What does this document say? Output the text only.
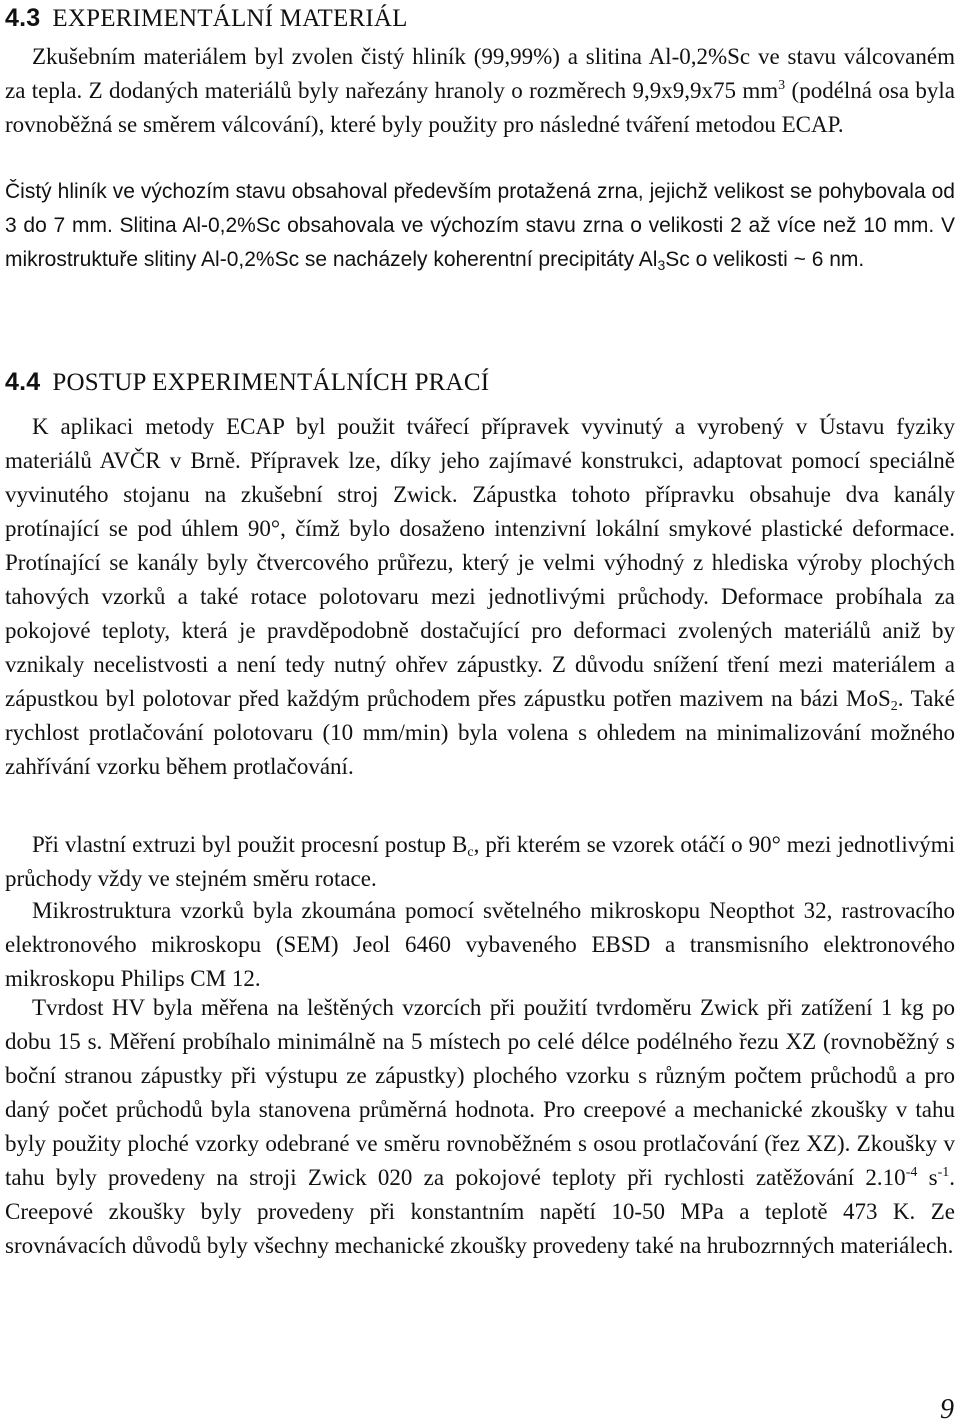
4.3 EXPERIMENTÁLNÍ MATERIÁL

Zkušebním materiálem byl zvolen čistý hliník (99,99%) a slitina Al-0,2%Sc ve stavu válcovaném za tepla. Z dodaných materiálů byly nařezány hranoly o rozměrech 9,9x9,9x75 $mm^3$ (podélná osa byla rovnoběžná se směrem válcování), které byly použity pro následné tváření metodou ECAP.

Čistý hliník ve výchozím stavu obsahoval především protažená zrna, jejichž velikost se pohybovala od 3 do 7 mm. Slitina Al-0,2%Sc obsahovala ve výchozím stavu zrna o velikosti 2 až více než 10 mm. V mikrostruktuře slitiny Al-0,2%Sc se nacházely koherentní precipitáty $Al_3Sc$ o velikosti ~ 6 nm.

4.4 POSTUP EXPERIMENTÁLNÍCH PRACÍ

K aplikaci metody ECAP byl použit tvářecí přípravek vyvinutý a vyrobený v Ústavu fyziky materiálů AVČR v Brně. Přípravek lze, díky jeho zajímavé konstrukci, adaptovat pomocí speciálně vyvinutého stojanu na zkušební stroj Zwick. Zápustka tohoto přípravku obsahuje dva kanály protínající se pod úhlem 90°, čímž bylo dosaženo intenzivní lokální smykové plastické deformace. Protínající se kanály byly čtvercového průřezu, který je velmi výhodný z hlediska výroby plochých tahových vzorků a také rotace polotovaru mezi jednotlivými průchody. Deformace probíhala za pokojové teploty, která je pravděpodobně dostačující pro deformaci zvolených materiálů aniž by vznikaly necelistvosti a není tedy nutný ohřev zápustky. Z důvodu snížení tření mezi materiálem a zápustkou byl polotovar před každým průchodem přes zápustku potřen mazivem na bázi MoS$_2$. Také rychlost protlačování polotovaru (10 mm/min) byla volena s ohledem na minimalizování možného zahřívání vzorku během protlačování.

Při vlastní extruzi byl použit procesní postup $B_c$, při kterém se vzorek otáčí o 90° mezi jednotlivými průchody vždy ve stejném směru rotace.

Mikrostruktura vzorků byla zkoumána pomocí světelného mikroskopu Neopthot 32, rastrovacího elektronového mikroskopu (SEM) Jeol 6460 vybaveného EBSD a transmisního elektronového mikroskopu Philips CM 12.

Tvrdost HV byla měřena na leštěných vzorcích při použití tvrdoměru Zwick při zatížení 1 kg po dobu 15 s. Měření probíhalo minimálně na 5 místech po celé délce podélného řezu XZ (rovnoběžný s boční stranou zápustky při výstupu ze zápustky) plochého vzorku s různým počtem průchodů a pro daný počet průchodů byla stanovena průměrná hodnota. Pro creepové a mechanické zkoušky v tahu byly použity ploché vzorky odebrané ve směru rovnoběžném s osou protlačování (řez XZ). Zkoušky v tahu byly provedeny na stroji Zwick 020 za pokojové teploty při rychlosti zatěžování $2.10^{-4}$ $s^{-1}$. Creepové zkoušky byly provedeny při konstantním napětí 10-50 MPa a teplotě 473 K. Ze srovnávacích důvodů byly všechny mechanické zkoušky provedeny také na hrubozrnných materiálech.

9
